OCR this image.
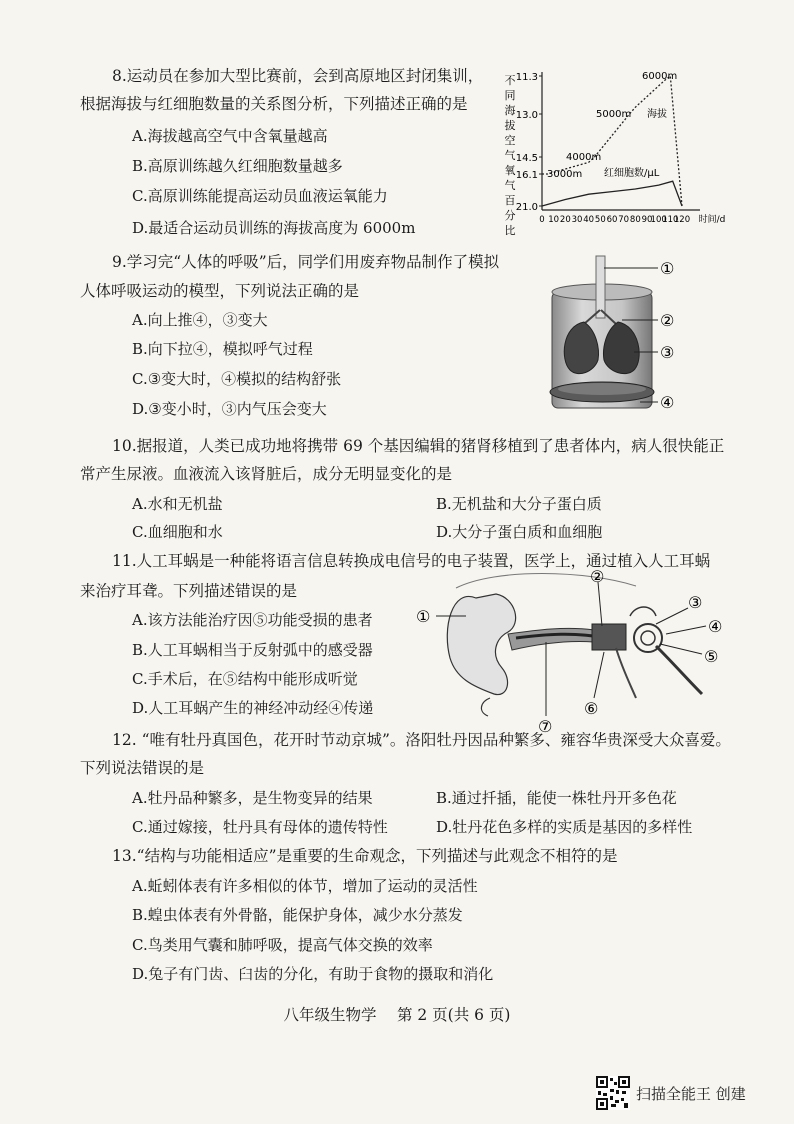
8.运动员在参加大型比赛前，会到高原地区封闭集训，
根据海拔与红细胞数量的关系图分析，下列描述正确的是
A.海拔越高空气中含氧量越高
B.高原训练越久红细胞数量越多
C.高原训练能提高运动员血液运氧能力
D.最适合运动员训练的海拔高度为 6000m
不
同
海
拔
空
气
氧
气
百
分
比
11.3
13.0
14.5
16.1
21.0
0 10 20 30 40 50 60 70 80 90
100
110
120 时间/d
6000m
5000m
4000m
3000m
海拔
红细胞数/μL
9.学习完“人体的呼吸”后，同学们用废弃物品制作了模拟
人体呼吸运动的模型，下列说法正确的是
A.向上推④，③变大
B.向下拉④，模拟呼气过程
C.③变大时，④模拟的结构舒张
D.③变小时，③内气压会变大
①
②
③
④
10.据报道，人类已成功地将携带 69 个基因编辑的猪肾移植到了患者体内，病人很快能正
常产生尿液。血液流入该肾脏后，成分无明显变化的是
A.水和无机盐	B.无机盐和大分子蛋白质
C.血细胞和水	D.大分子蛋白质和血细胞
11.人工耳蜗是一种能将语言信息转换成电信号的电子装置，医学上，通过植入人工耳蜗
来治疗耳聋。下列描述错误的是
A.该方法能治疗因⑤功能受损的患者
B.人工耳蜗相当于反射弧中的感受器
C.手术后，在⑤结构中能形成听觉
D.人工耳蜗产生的神经冲动经④传递
①
②
③
④
⑤
⑥
⑦
12. “唯有牡丹真国色，花开时节动京城”。洛阳牡丹因品种繁多、雍容华贵深受大众喜爱。
下列说法错误的是
A.牡丹品种繁多，是生物变异的结果	B.通过扦插，能使一株牡丹开多色花
C.通过嫁接，牡丹具有母体的遗传特性	D.牡丹花色多样的实质是基因的多样性
13.“结构与功能相适应”是重要的生命观念，下列描述与此观念不相符的是
A.蚯蚓体表有许多相似的体节，增加了运动的灵活性
B.蝗虫体表有外骨骼，能保护身体，减少水分蒸发
C.鸟类用气囊和肺呼吸，提高气体交换的效率
D.兔子有门齿、臼齿的分化，有助于食物的摄取和消化
八年级生物学　 第 2 页(共 6 页)
扫描全能王 创建
